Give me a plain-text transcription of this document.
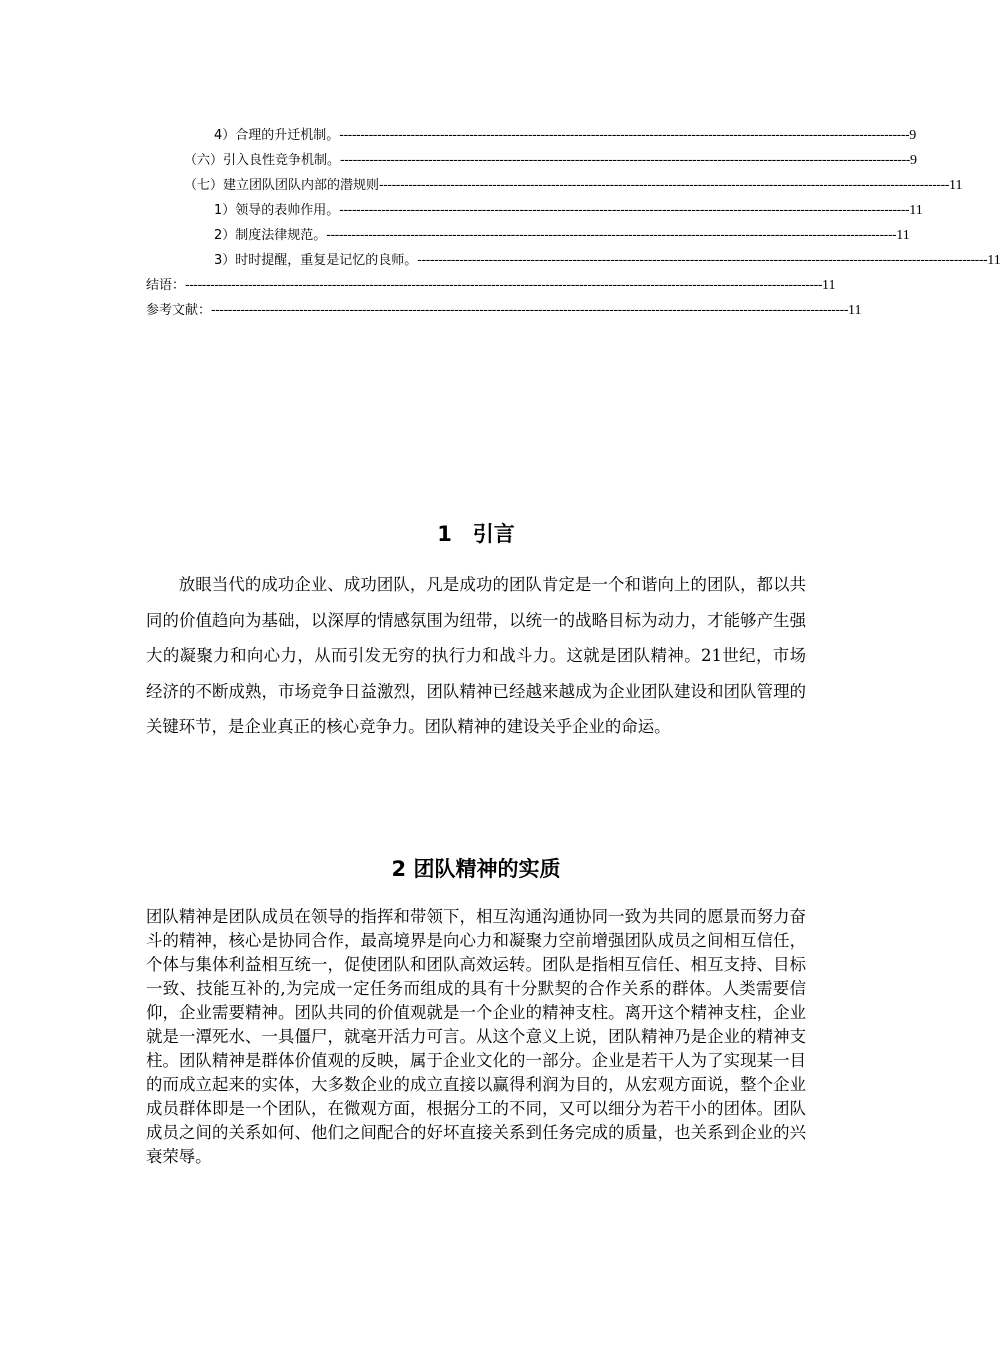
4）合理的升迁机制。 ---------------------------------------------------------------------------------------------------------------------------------------- 9
（六）引入良性竞争机制。 ---------------------------------------------------------------------------------------------------------------------------------------- 9
（七）建立团队团队内部的潜规则 ---------------------------------------------------------------------------------------------------------------------------------------- 11
1）领导的表帅作用。 ---------------------------------------------------------------------------------------------------------------------------------------- 11
2）制度法律规范。 ---------------------------------------------------------------------------------------------------------------------------------------- 11
3）时时提醒，重复是记忆的良师。 ---------------------------------------------------------------------------------------------------------------------------------------- 11
结语： -------------------------------------------------------------------------------------------------------------------------------------------------------- 11
参考文献： -------------------------------------------------------------------------------------------------------------------------------------------------------- 11
1　引言

放眼当代的成功企业、成功团队，凡是成功的团队肯定是一个和谐向上的团队，都以共同的价值趋向为基础，以深厚的情感氛围为纽带，以统一的战略目标为动力，才能够产生强大的凝聚力和向心力，从而引发无穷的执行力和战斗力。这就是团队精神。21世纪，市场经济的不断成熟，市场竞争日益激烈，团队精神已经越来越成为企业团队建设和团队管理的关键环节，是企业真正的核心竞争力。团队精神的建设关乎企业的命运。

2 团队精神的实质

团队精神是团队成员在领导的指挥和带领下，相互沟通沟通协同一致为共同的愿景而努力奋斗的精神，核心是协同合作，最高境界是向心力和凝聚力空前增强团队成员之间相互信任，个体与集体利益相互统一，促使团队和团队高效运转。团队是指相互信任、相互支持、目标一致、技能互补的,为完成一定任务而组成的具有十分默契的合作关系的群体。人类需要信仰，企业需要精神。团队共同的价值观就是一个企业的精神支柱。离开这个精神支柱，企业就是一潭死水、一具僵尸，就毫开活力可言。从这个意义上说，团队精神乃是企业的精神支柱。团队精神是群体价值观的反映，属于企业文化的一部分。企业是若干人为了实现某一目的而成立起来的实体，大多数企业的成立直接以赢得利润为目的，从宏观方面说，整个企业成员群体即是一个团队，在微观方面，根据分工的不同，又可以细分为若干小的团体。团队成员之间的关系如何、他们之间配合的好坏直接关系到任务完成的质量，也关系到企业的兴衰荣辱。
